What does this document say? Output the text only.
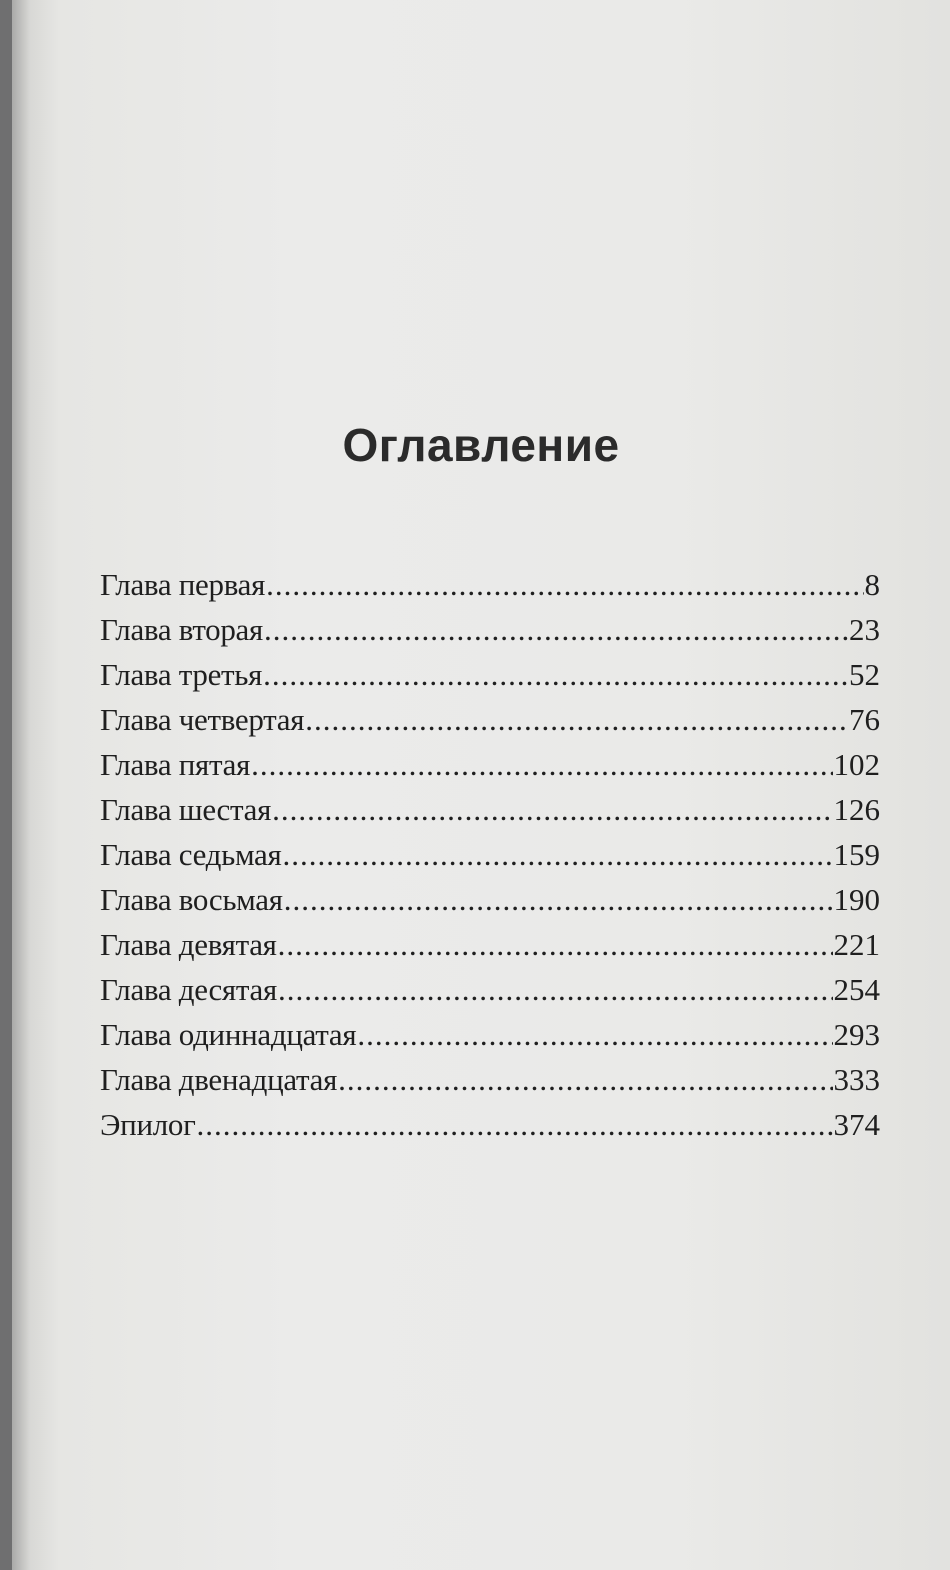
Оглавление
Глава первая .....	8
Глава вторая .....	23
Глава третья .....	52
Глава четвертая .....	76
Глава пятая .....	102
Глава шестая .....	126
Глава седьмая .....	159
Глава восьмая .....	190
Глава девятая .....	221
Глава десятая .....	254
Глава одиннадцатая .....	293
Глава двенадцатая .....	333
Эпилог .....	374
